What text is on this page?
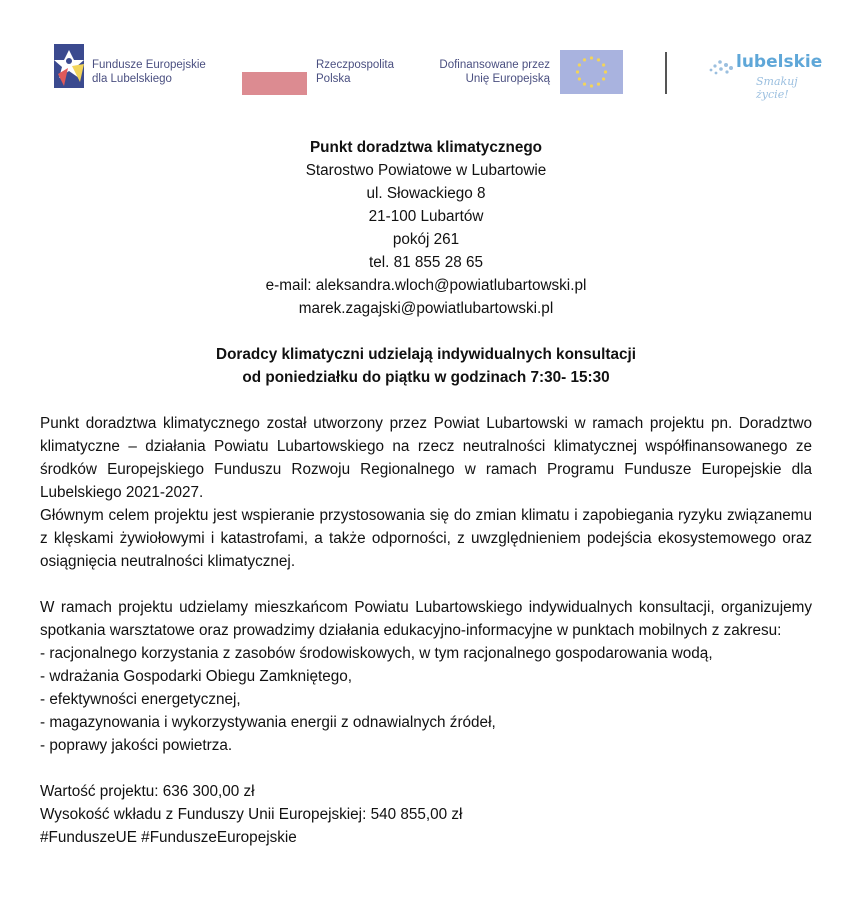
Fundusze Europejskie
dla Lubelskiego
Rzeczpospolita
Polska
Dofinansowane przez
Unię Europejską
lubelskie
Smakuj życie!
Punkt doradztwa klimatycznego
Starostwo Powiatowe w Lubartowie
ul. Słowackiego 8
21-100 Lubartów
pokój 261
tel. 81 855 28 65
e-mail: aleksandra.wloch@powiatlubartowski.pl
marek.zagajski@powiatlubartowski.pl
Doradcy klimatyczni udzielają indywidualnych konsultacji
od poniedziałku do piątku w godzinach 7:30- 15:30

Punkt doradztwa klimatycznego został utworzony przez Powiat Lubartowski w ramach projektu pn. Doradztwo klimatyczne – działania Powiatu Lubartowskiego na rzecz neutralności klimatycznej współfinansowanego ze środków Europejskiego Funduszu Rozwoju Regionalnego w ramach Programu Fundusze Europejskie dla Lubelskiego 2021-2027.

Głównym celem projektu jest wspieranie przystosowania się do zmian klimatu i zapobiegania ryzyku związanemu z klęskami żywiołowymi i katastrofami, a także odporności, z uwzględnieniem podejścia ekosystemowego oraz osiągnięcia neutralności klimatycznej.

W ramach projektu udzielamy mieszkańcom Powiatu Lubartowskiego indywidualnych konsultacji, organizujemy spotkania warsztatowe oraz prowadzimy działania edukacyjno-informacyjne w punktach mobilnych z zakresu:

- racjonalnego korzystania z zasobów środowiskowych, w tym racjonalnego gospodarowania wodą,
- wdrażania Gospodarki Obiegu Zamkniętego,
- efektywności energetycznej,
- magazynowania i wykorzystywania energii z odnawialnych źródeł,
- poprawy jakości powietrza.
Wartość projektu: 636 300,00 zł
Wysokość wkładu z Funduszy Unii Europejskiej: 540 855,00 zł
#FunduszeUE #FunduszeEuropejskie
